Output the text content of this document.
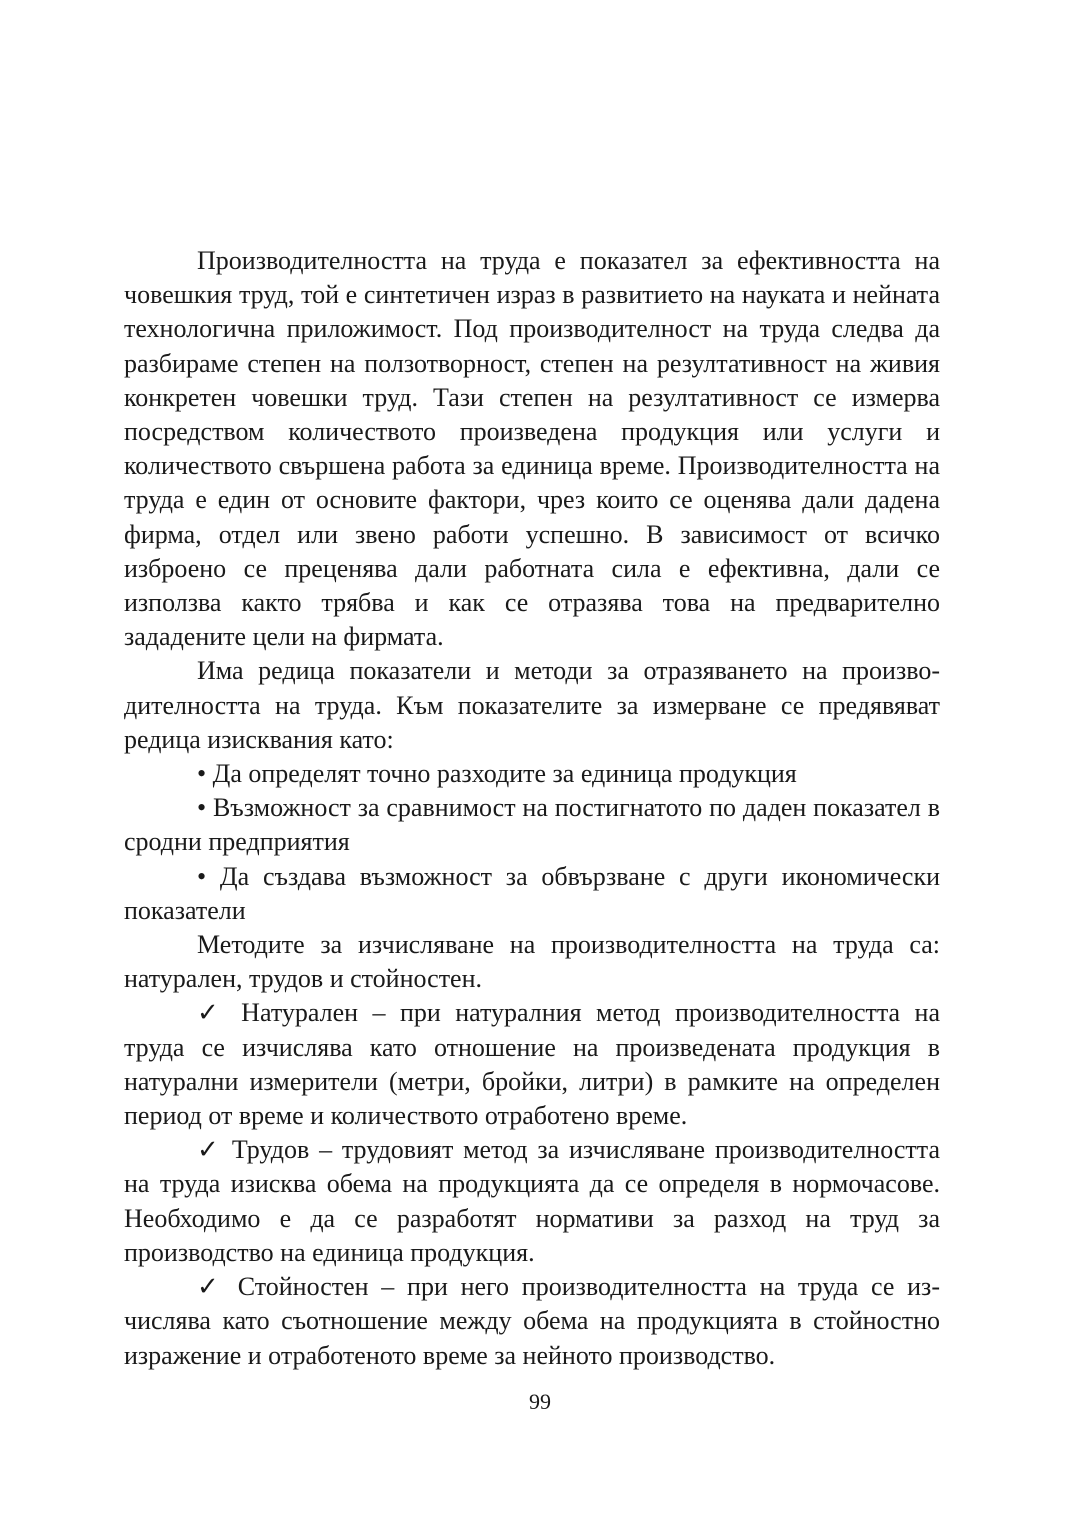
Производителността на труда е показател за ефективността на човешкия труд, той е синтетичен израз в развитието на науката и нейната технологична приложимост. Под производителност на труда следва да разбираме степен на ползотворност, степен на резултативност на живия конкретен човешки труд. Тази степен на резултативност се измерва посредством количеството произведена продукция или услуги и количеството свършена работа за единица време. Производителността на труда е един от основите фактори, чрез които се оценява дали дадена фирма, отдел или звено работи успешно. В зависимост от всичко изброено се преценява дали работната сила е ефективна, дали се използва както трябва и как се отразява това на предварително зададените цели на фирмата.

Има редица показатели и методи за отразяването на производителността на труда. Към показателите за измерване се предявяват редица изисквания като:

• Да определят точно разходите за единица продукция

• Възможност за сравнимост на постигнатото по даден показател в сродни предприятия

• Да създава възможност за обвързване с други икономически показатели

Методите за изчисляване на производителността на труда са: натурален, трудов и стойностен.

✓ Натурален – при натуралния метод производителността на труда се изчислява като отношение на произведената продукция в натурални измерители (метри, бройки, литри) в рамките на определен период от време и количеството отработено време.

✓ Трудов – трудовият метод за изчисляване производителността на труда изисква обема на продукцията да се определя в нормочасове. Необходимо е да се разработят нормативи за разход на труд за производство на единица продукция.

✓ Стойностен – при него производителността на труда се изчислява като съотношение между обема на продукцията в стойностно изражение и отработеното време за нейното производство.

99
